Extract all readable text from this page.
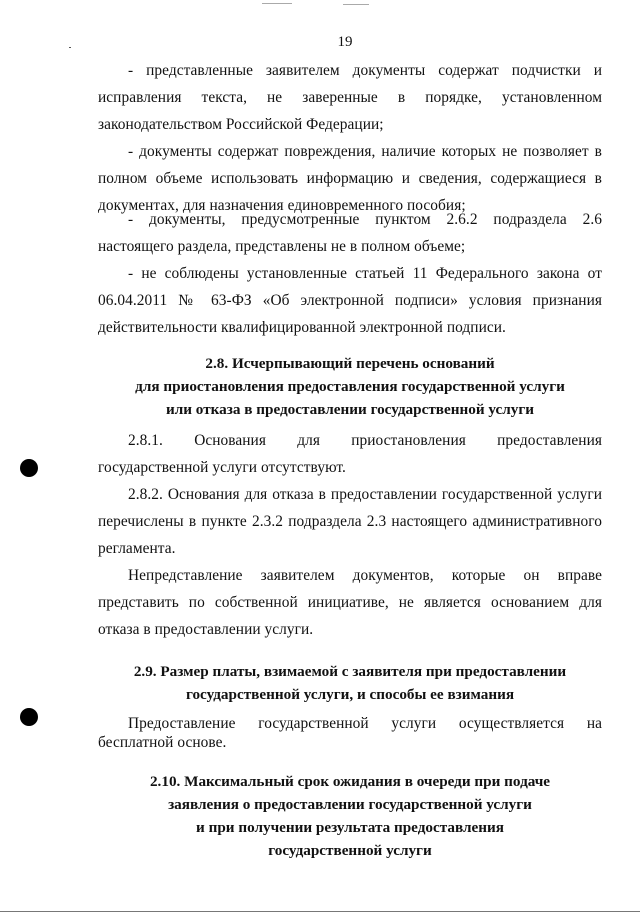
19

- представленные заявителем документы содержат подчистки и исправления текста, не заверенные в порядке, установленном законодательством Российской Федерации;

- документы содержат повреждения, наличие которых не позволяет в полном объеме использовать информацию и сведения, содержащиеся в документах, для назначения единовременного пособия;

- документы, предусмотренные пунктом 2.6.2 подраздела 2.6 настоящего раздела, представлены не в полном объеме;

- не соблюдены установленные статьей 11 Федерального закона от 06.04.2011 № 63-ФЗ «Об электронной подписи» условия признания действительности квалифицированной электронной подписи.

2.8. Исчерпывающий перечень оснований
для приостановления предоставления государственной услуги
или отказа в предоставлении государственной услуги

2.8.1. Основания для приостановления предоставления государственной услуги отсутствуют.

2.8.2. Основания для отказа в предоставлении государственной услуги перечислены в пункте 2.3.2 подраздела 2.3 настоящего административного регламента.

Непредставление заявителем документов, которые он вправе представить по собственной инициативе, не является основанием для отказа в предоставлении услуги.

2.9. Размер платы, взимаемой с заявителя при предоставлении
государственной услуги, и способы ее взимания

Предоставление государственной услуги осуществляется на бесплатной основе.

2.10. Максимальный срок ожидания в очереди при подаче
заявления о предоставлении государственной услуги
и при получении результата предоставления
государственной услуги
